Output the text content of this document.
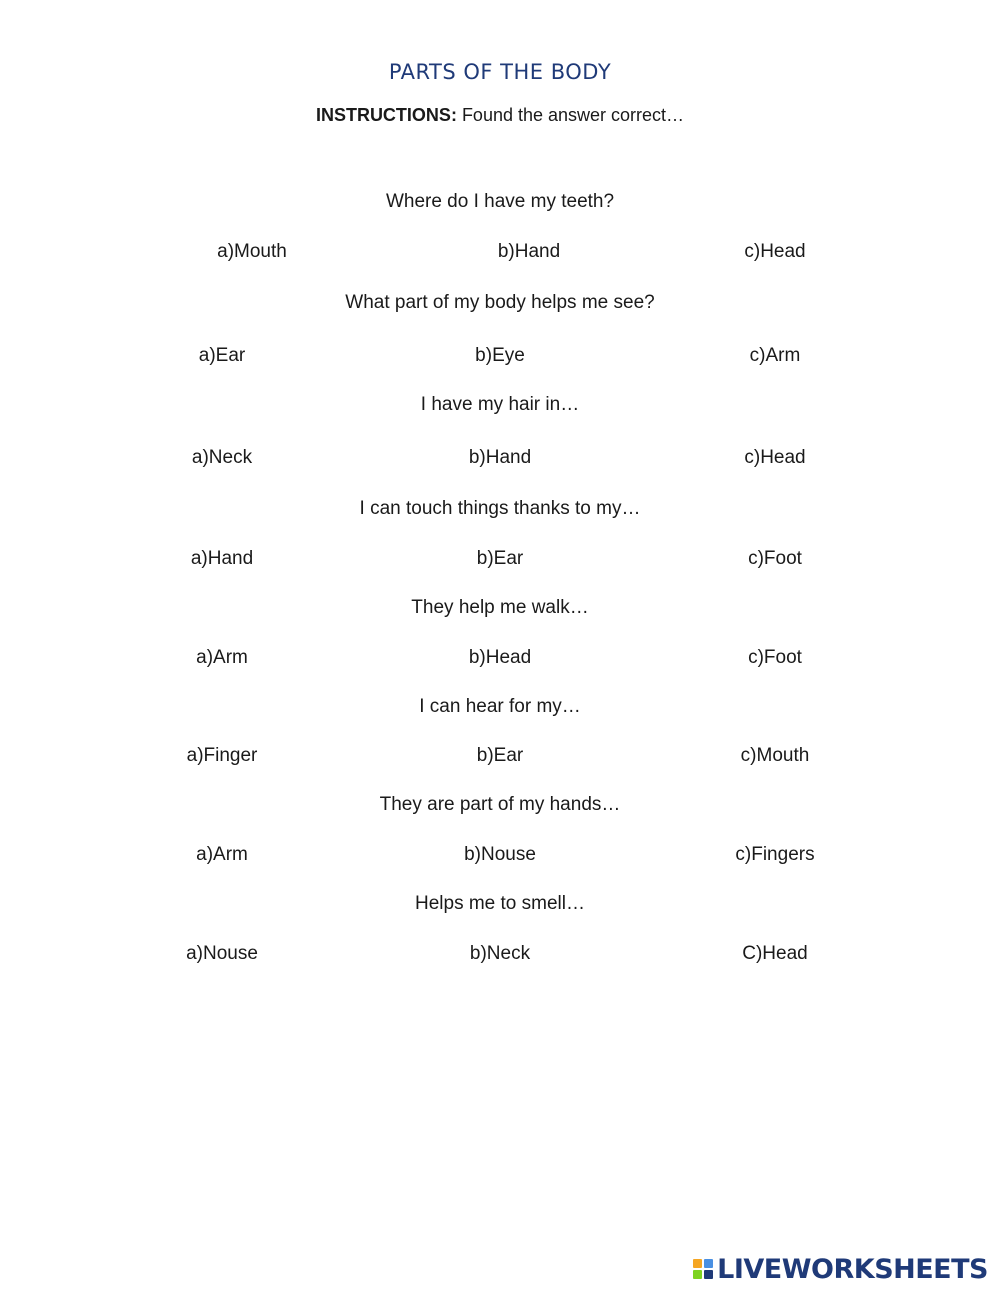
PARTS OF THE BODY
INSTRUCTIONS: Found the answer correct…
Where do I have my teeth?
a)Mouth	b)Hand	c)Head
What part of my body helps me see?
a)Ear	b)Eye	c)Arm
I have my hair in…
a)Neck	b)Hand	c)Head
I can touch things thanks to my…
a)Hand	b)Ear	c)Foot
They help me walk…
a)Arm	b)Head	c)Foot
I can hear for my…
a)Finger	b)Ear	c)Mouth
They are part of my hands…
a)Arm	b)Nouse	c)Fingers
Helps me to smell…
a)Nouse	b)Neck	C)Head
LIVEWORKSHEETS
